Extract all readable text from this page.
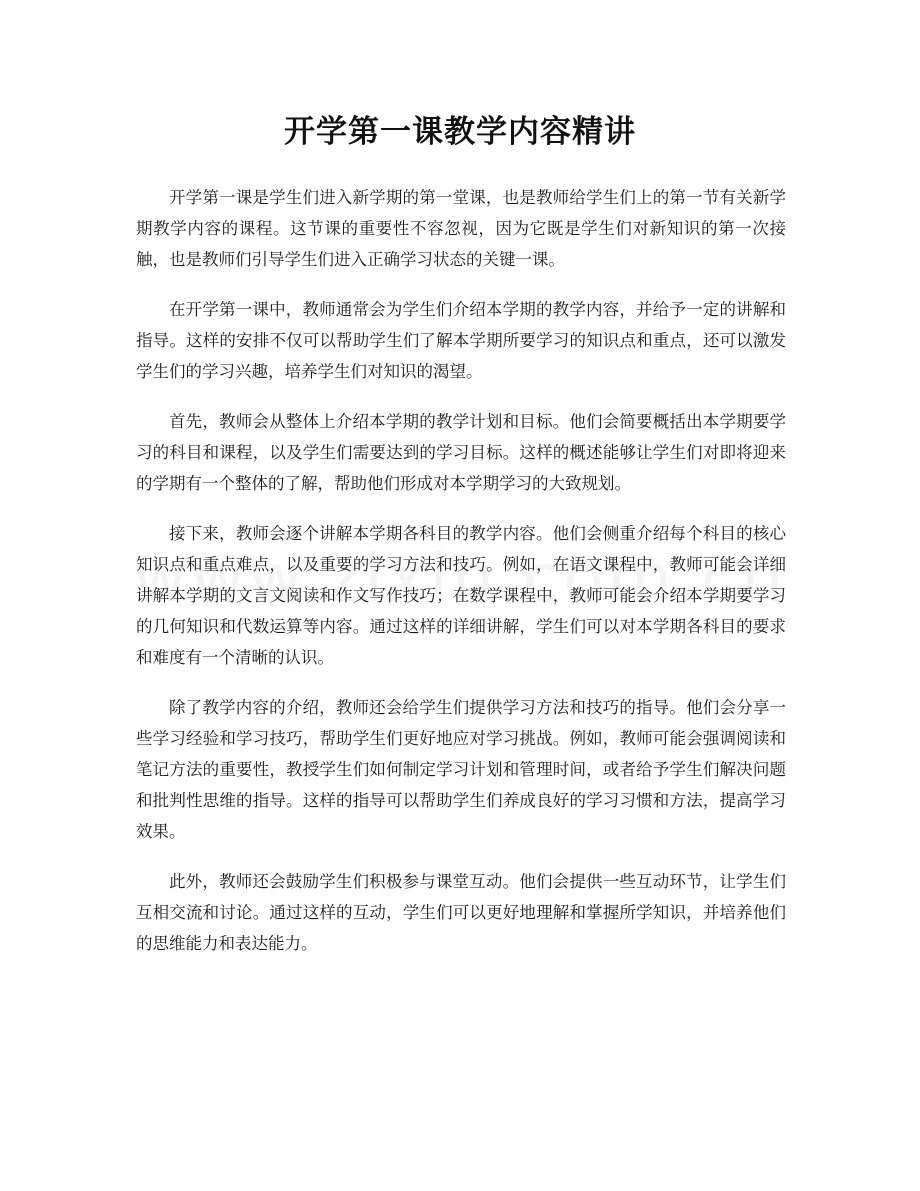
开学第一课教学内容精讲

开学第一课是学生们进入新学期的第一堂课，也是教师给学生们上的第一节有关新学期教学内容的课程。这节课的重要性不容忽视，因为它既是学生们对新知识的第一次接触，也是教师们引导学生们进入正确学习状态的关键一课。

在开学第一课中，教师通常会为学生们介绍本学期的教学内容，并给予一定的讲解和指导。这样的安排不仅可以帮助学生们了解本学期所要学习的知识点和重点，还可以激发学生们的学习兴趣，培养学生们对知识的渴望。

首先，教师会从整体上介绍本学期的教学计划和目标。他们会简要概括出本学期要学习的科目和课程，以及学生们需要达到的学习目标。这样的概述能够让学生们对即将迎来的学期有一个整体的了解，帮助他们形成对本学期学习的大致规划。

接下来，教师会逐个讲解本学期各科目的教学内容。他们会侧重介绍每个科目的核心知识点和重点难点，以及重要的学习方法和技巧。例如，在语文课程中，教师可能会详细讲解本学期的文言文阅读和作文写作技巧；在数学课程中，教师可能会介绍本学期要学习的几何知识和代数运算等内容。通过这样的详细讲解，学生们可以对本学期各科目的要求和难度有一个清晰的认识。

除了教学内容的介绍，教师还会给学生们提供学习方法和技巧的指导。他们会分享一些学习经验和学习技巧，帮助学生们更好地应对学习挑战。例如，教师可能会强调阅读和笔记方法的重要性，教授学生们如何制定学习计划和管理时间，或者给予学生们解决问题和批判性思维的指导。这样的指导可以帮助学生们养成良好的学习习惯和方法，提高学习效果。

此外，教师还会鼓励学生们积极参与课堂互动。他们会提供一些互动环节，让学生们互相交流和讨论。通过这样的互动，学生们可以更好地理解和掌握所学知识，并培养他们的思维能力和表达能力。
